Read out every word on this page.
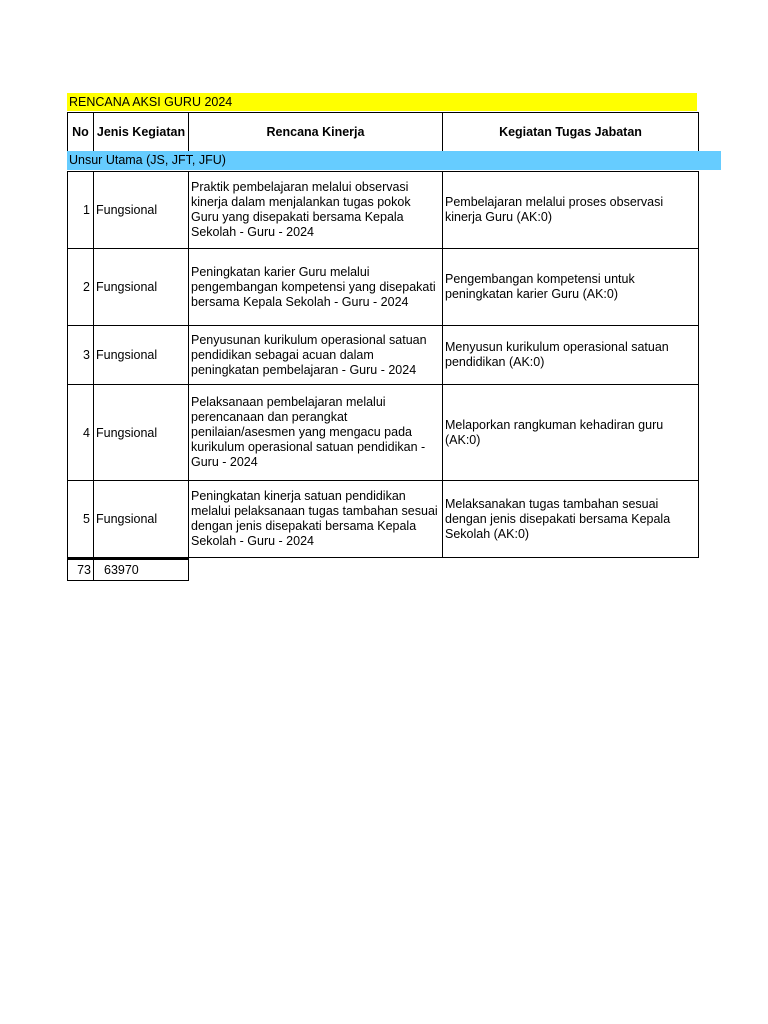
RENCANA AKSI GURU 2024
No	Jenis Kegiatan	Rencana Kinerja	Kegiatan Tugas Jabatan

1	Fungsional	Praktik pembelajaran melalui observasi kinerja dalam menjalankan tugas pokok Guru yang disepakati bersama Kepala Sekolah - Guru - 2024	Pembelajaran melalui proses observasi kinerja Guru (AK:0)
2	Fungsional	Peningkatan karier Guru melalui pengembangan kompetensi yang disepakati bersama Kepala Sekolah - Guru - 2024	Pengembangan kompetensi untuk peningkatan karier Guru (AK:0)
3	Fungsional	Penyusunan kurikulum operasional satuan pendidikan sebagai acuan dalam peningkatan pembelajaran - Guru - 2024	Menyusun kurikulum operasional satuan pendidikan (AK:0)
4	Fungsional	Pelaksanaan pembelajaran melalui perencanaan dan perangkat penilaian/asesmen yang mengacu pada kurikulum operasional satuan pendidikan - Guru - 2024	Melaporkan rangkuman kehadiran guru (AK:0)
5	Fungsional	Peningkatan kinerja satuan pendidikan melalui pelaksanaan tugas tambahan sesuai dengan jenis disepakati bersama Kepala Sekolah - Guru - 2024	Melaksanakan tugas tambahan sesuai dengan jenis disepakati bersama Kepala Sekolah (AK:0)
Unsur Utama (JS, JFT, JFU)
73	63970
